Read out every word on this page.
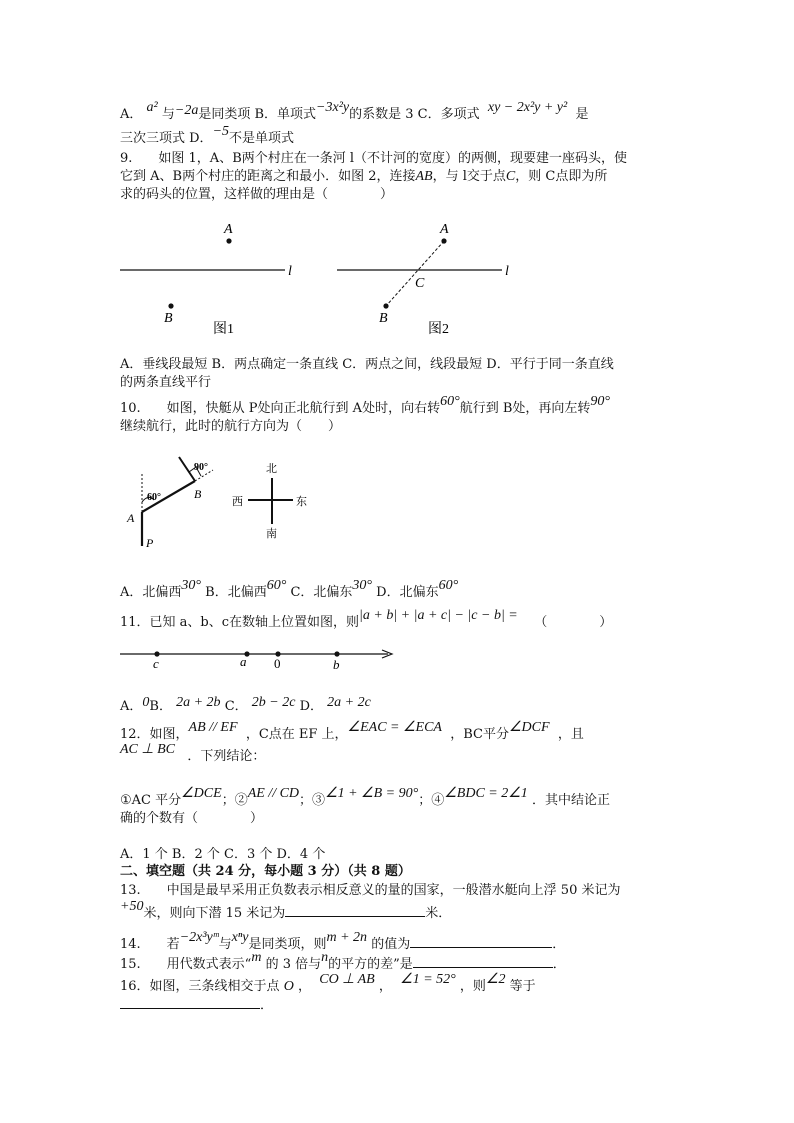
A． a² 与−2a是同类项 B．单项式−3x²y的系数是 3 C．多项式 xy − 2x²y + y² 是
三次三项式 D．−5不是单项式
9.　　如图 1，A、B两个村庄在一条河 l（不计河的宽度）的两侧，现要建一座码头，使
它到 A、B两个村庄的距离之和最小．如图 2，连接AB，与 l交于点C，则 C点即为所
求的码头的位置，这样做的理由是（　　　　）
A
B
l
图1
A
B
C
l
图2
90°
60°
A
B
P
北
南
西	东
c	a 0	b
A．垂线段最短 B．两点确定一条直线 C．两点之间，线段最短 D．平行于同一条直线
的两条直线平行
10.　　如图，快艇从 P处向正北航行到 A处时，向右转60°航行到 B处，再向左转90°
继续航行，此时的航行方向为（　　）
A．北偏西30° B．北偏西60° C．北偏东30° D．北偏东60°
11．已知 a、b、c在数轴上位置如图，则|a + b| + |a + c| − |c − b| = （　　　　）
A．0B． 2a + 2b C． 2b − 2c D． 2a + 2c
12．如图，AB // EF ，C点在 EF 上，∠EAC = ∠ECA ，BC平分∠DCF ，且
AC ⊥ BC ．下列结论：
①AC 平分∠DCE；②AE // CD；③∠1 + ∠B = 90°；④∠BDC = 2∠1 ．其中结论正
确的个数有（　　　　）
A．1 个 B．2 个 C．3 个 D．4 个
二、填空题（共 24 分，每小题 3 分）（共 8 题）
13.　　中国是最早采用正负数表示相反意义的量的国家，一般潜水艇向上浮 50 米记为
+50米，则向下潜 15 米记为	米．
14.　　若−2x³yᵐ与xⁿy是同类项，则m + 2n 的值为	．
15.　　用代数式表示“m 的 3 倍与n的平方的差”是	．
16．如图，三条线相交于点 O ， CO ⊥ AB ， ∠1 = 52° ，则∠2 等于
．
